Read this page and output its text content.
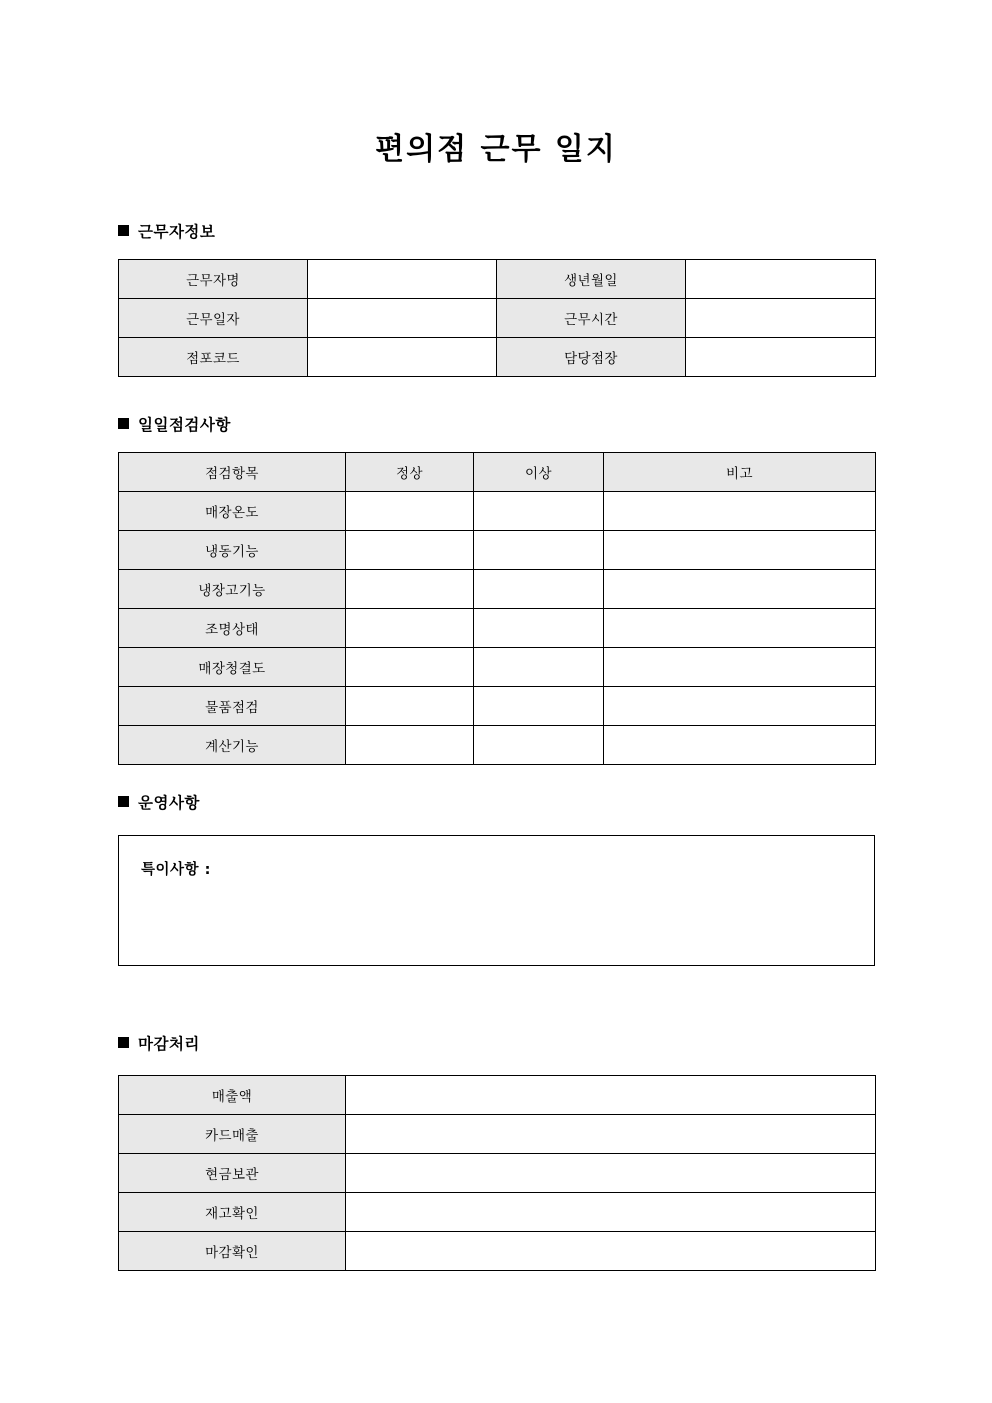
편의점 근무 일지
근무자정보
근무자명		생년월일	
근무일자		근무시간	
점포코드		담당점장	
일일점검사항
점검항목	정상	이상	비고
매장온도			
냉동기능			
냉장고기능			
조명상태			
매장청결도			
물품점검			
계산기능			
운영사항
특이사항 :
마감처리
매출액	
카드매출	
현금보관	
재고확인	
마감확인	
